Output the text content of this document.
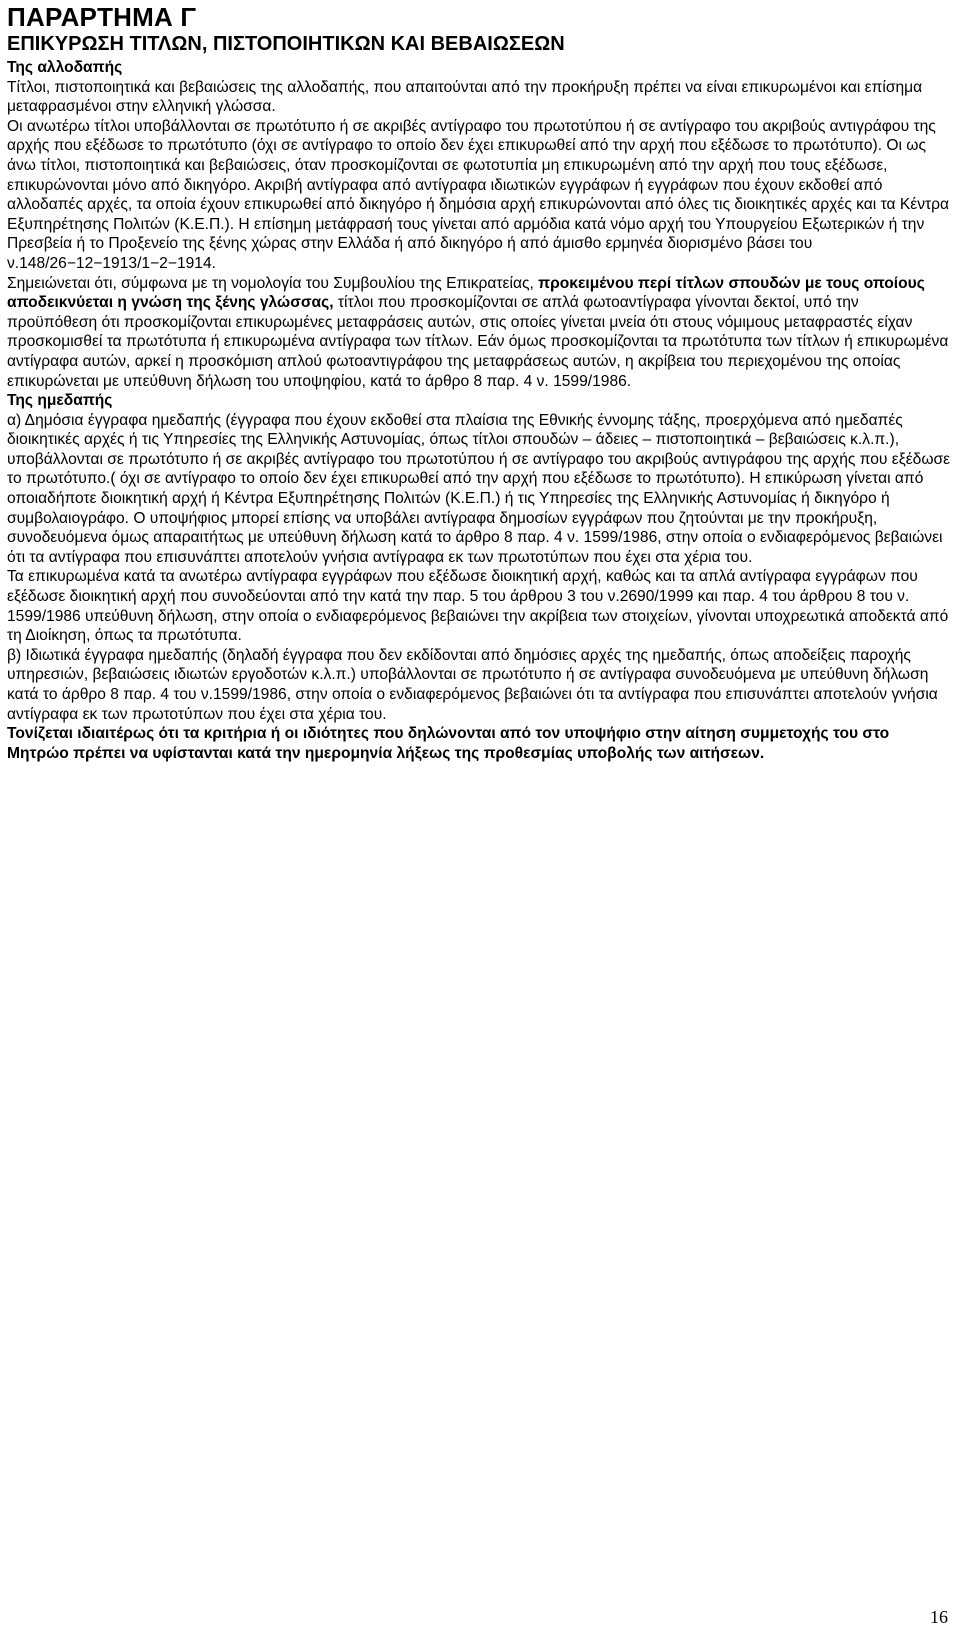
ΠΑΡΑΡΤΗΜΑ Γ
ΕΠΙΚΥΡΩΣΗ ΤΙΤΛΩΝ, ΠΙΣΤΟΠΟΙΗΤΙΚΩΝ ΚΑΙ ΒΕΒΑΙΩΣΕΩΝ

Της αλλοδαπής

Τίτλοι, πιστοποιητικά και βεβαιώσεις της αλλοδαπής, που απαιτούνται από την προκήρυξη πρέπει να είναι επικυρωμένοι και επίσημα μεταφρασμένοι στην ελληνική γλώσσα.

Οι ανωτέρω τίτλοι υποβάλλονται σε πρωτότυπο ή σε ακριβές αντίγραφο του πρωτοτύπου ή σε αντίγραφο του ακριβούς αντιγράφου της αρχής που εξέδωσε το πρωτότυπο (όχι σε αντίγραφο το οποίο δεν έχει επικυρωθεί από την αρχή που εξέδωσε το πρωτότυπο). Οι ως άνω τίτλοι, πιστοποιητικά και βεβαιώσεις, όταν προσκομίζονται σε φωτοτυπία μη επικυρωμένη από την αρχή που τους εξέδωσε, επικυρώνονται μόνο από δικηγόρο. Ακριβή αντίγραφα από αντίγραφα ιδιωτικών εγγράφων ή εγγράφων που έχουν εκδοθεί από αλλοδαπές αρχές, τα οποία έχουν επικυρωθεί από δικηγόρο ή δημόσια αρχή επικυρώνονται από όλες τις διοικητικές αρχές και τα Κέντρα Εξυπηρέτησης Πολιτών (Κ.Ε.Π.). Η επίσημη μετάφρασή τους γίνεται από αρμόδια κατά νόμο αρχή του Υπουργείου Εξωτερικών ή την Πρεσβεία ή το Προξενείο της ξένης χώρας στην Ελλάδα ή από δικηγόρο ή από άμισθο ερμηνέα διορισμένο βάσει του ν.148/26−12−1913/1−2−1914.

Σημειώνεται ότι, σύμφωνα με τη νομολογία του Συμβουλίου της Επικρατείας, προκειμένου περί τίτλων σπουδών με τους οποίους αποδεικνύεται η γνώση της ξένης γλώσσας, τίτλοι που προσκομίζονται σε απλά φωτοαντίγραφα γίνονται δεκτοί, υπό την προϋπόθεση ότι προσκομίζονται επικυρωμένες μεταφράσεις αυτών, στις οποίες γίνεται μνεία ότι στους νόμιμους μεταφραστές είχαν προσκομισθεί τα πρωτότυπα ή επικυρωμένα αντίγραφα των τίτλων. Εάν όμως προσκομίζονται τα πρωτότυπα των τίτλων ή επικυρωμένα αντίγραφα αυτών, αρκεί η προσκόμιση απλού φωτοαντιγράφου της μεταφράσεως αυτών, η ακρίβεια του περιεχομένου της οποίας επικυρώνεται με υπεύθυνη δήλωση του υποψηφίου, κατά το άρθρο 8 παρ. 4 ν. 1599/1986.

Της ημεδαπής

α) Δημόσια έγγραφα ημεδαπής (έγγραφα που έχουν εκδοθεί στα πλαίσια της Εθνικής έννομης τάξης, προερχόμενα από ημεδαπές διοικητικές αρχές ή τις Υπηρεσίες της Ελληνικής Αστυνομίας, όπως τίτλοι σπουδών – άδειες – πιστοποιητικά – βεβαιώσεις κ.λ.π.), υποβάλλονται σε πρωτότυπο ή σε ακριβές αντίγραφο του πρωτοτύπου ή σε αντίγραφο του ακριβούς αντιγράφου της αρχής που εξέδωσε το πρωτότυπο.( όχι σε αντίγραφο το οποίο δεν έχει επικυρωθεί από την αρχή που εξέδωσε το πρωτότυπο). Η επικύρωση γίνεται από οποιαδήποτε διοικητική αρχή ή Κέντρα Εξυπηρέτησης Πολιτών (Κ.Ε.Π.) ή τις Υπηρεσίες της Ελληνικής Αστυνομίας ή δικηγόρο ή συμβολαιογράφο. Ο υποψήφιος μπορεί επίσης να υποβάλει αντίγραφα δημοσίων εγγράφων που ζητούνται με την προκήρυξη, συνοδευόμενα όμως απαραιτήτως με υπεύθυνη δήλωση κατά το άρθρο 8 παρ. 4 ν. 1599/1986, στην οποία ο ενδιαφερόμενος βεβαιώνει ότι τα αντίγραφα που επισυνάπτει αποτελούν γνήσια αντίγραφα εκ των πρωτοτύπων που έχει στα χέρια του.

Τα επικυρωμένα κατά τα ανωτέρω αντίγραφα εγγράφων που εξέδωσε διοικητική αρχή, καθώς και τα απλά αντίγραφα εγγράφων που εξέδωσε διοικητική αρχή που συνοδεύονται από την κατά την παρ. 5 του άρθρου 3 του ν.2690/1999 και παρ. 4 του άρθρου 8 του ν. 1599/1986 υπεύθυνη δήλωση, στην οποία ο ενδιαφερόμενος βεβαιώνει την ακρίβεια των στοιχείων, γίνονται υποχρεωτικά αποδεκτά από τη Διοίκηση, όπως τα πρωτότυπα.

β) Ιδιωτικά έγγραφα ημεδαπής (δηλαδή έγγραφα που δεν εκδίδονται από δημόσιες αρχές της ημεδαπής, όπως αποδείξεις παροχής υπηρεσιών, βεβαιώσεις ιδιωτών εργοδοτών κ.λ.π.) υποβάλλονται σε πρωτότυπο ή σε αντίγραφα συνοδευόμενα με υπεύθυνη δήλωση κατά το άρθρο 8 παρ. 4 του ν.1599/1986, στην οποία ο ενδιαφερόμενος βεβαιώνει ότι τα αντίγραφα που επισυνάπτει αποτελούν γνήσια αντίγραφα εκ των πρωτοτύπων που έχει στα χέρια του.

Τονίζεται ιδιαιτέρως ότι τα κριτήρια ή οι ιδιότητες που δηλώνονται από τον υποψήφιο στην αίτηση συμμετοχής του στο Μητρώο πρέπει να υφίστανται κατά την ημερομηνία λήξεως της προθεσμίας υποβολής των αιτήσεων.

16
